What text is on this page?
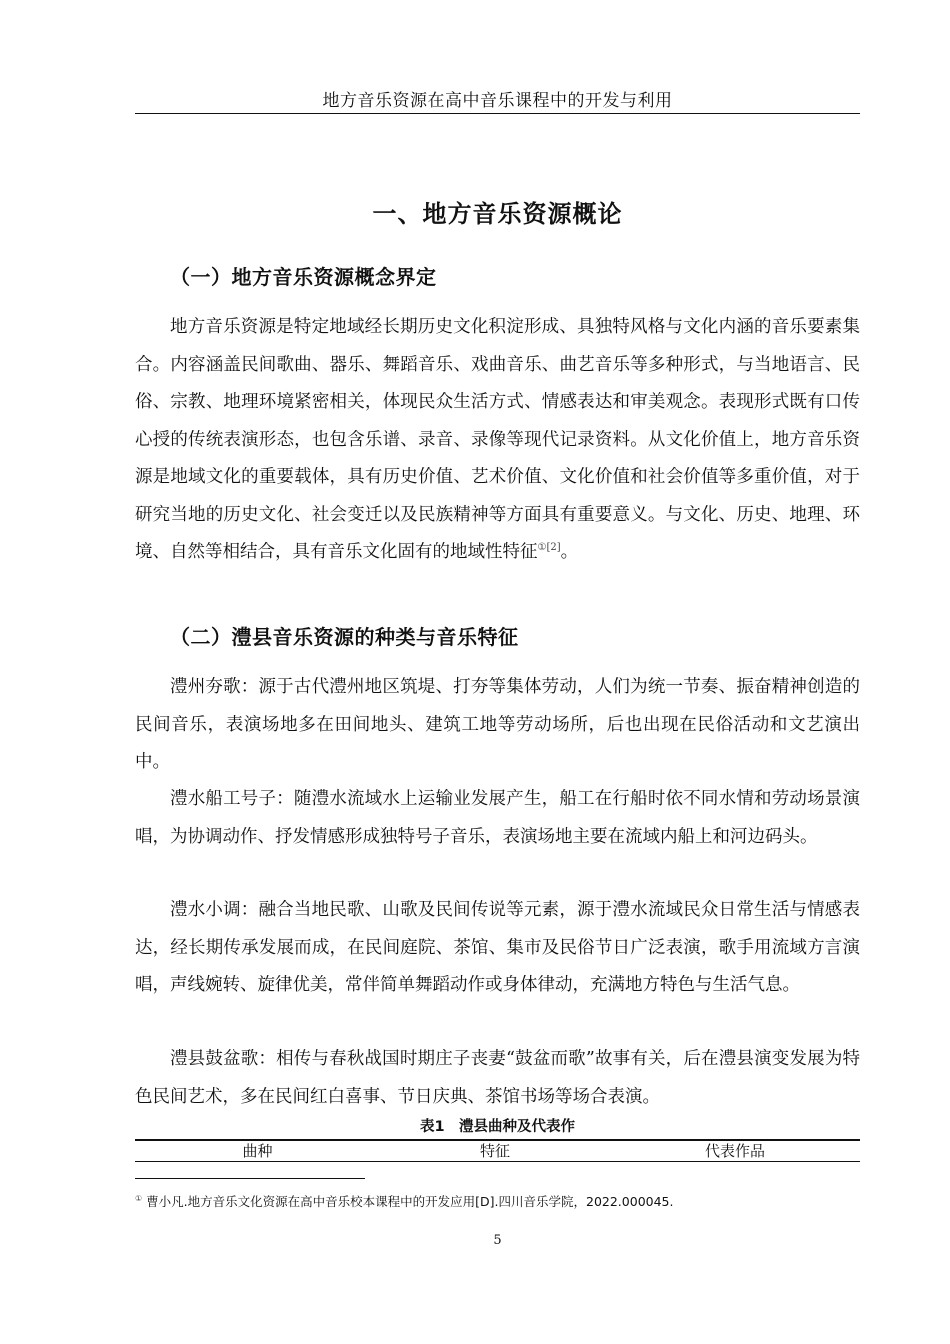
地方音乐资源在高中音乐课程中的开发与利用
一、地方音乐资源概论
（一）地方音乐资源概念界定

地方音乐资源是特定地域经长期历史文化积淀形成、具独特风格与文化内涵的音乐要素集合。内容涵盖民间歌曲、器乐、舞蹈音乐、戏曲音乐、曲艺音乐等多种形式，与当地语言、民俗、宗教、地理环境紧密相关，体现民众生活方式、情感表达和审美观念。表现形式既有口传心授的传统表演形态，也包含乐谱、录音、录像等现代记录资料。从文化价值上，地方音乐资源是地域文化的重要载体，具有历史价值、艺术价值、文化价值和社会价值等多重价值，对于研究当地的历史文化、社会变迁以及民族精神等方面具有重要意义。与文化、历史、地理、环境、自然等相结合，具有音乐文化固有的地域性特征$^{①[2]}$。

（二）澧县音乐资源的种类与音乐特征

澧州夯歌：源于古代澧州地区筑堤、打夯等集体劳动，人们为统一节奏、振奋精神创造的民间音乐，表演场地多在田间地头、建筑工地等劳动场所，后也出现在民俗活动和文艺演出中。

澧水船工号子：随澧水流域水上运输业发展产生，船工在行船时依不同水情和劳动场景演唱，为协调动作、抒发情感形成独特号子音乐，表演场地主要在流域内船上和河边码头。

澧水小调：融合当地民歌、山歌及民间传说等元素，源于澧水流域民众日常生活与情感表达，经长期传承发展而成，在民间庭院、茶馆、集市及民俗节日广泛表演，歌手用流域方言演唱，声线婉转、旋律优美，常伴简单舞蹈动作或身体律动，充满地方特色与生活气息。

澧县鼓盆歌：相传与春秋战国时期庄子丧妻“鼓盆而歌”故事有关，后在澧县演变发展为特色民间艺术，多在民间红白喜事、节日庆典、茶馆书场等场合表演。

表1　澧县曲种及代表作
曲种	特征	代表作品
① 曹小凡.地方音乐文化资源在高中音乐校本课程中的开发应用[D].四川音乐学院，2022.000045.
5
